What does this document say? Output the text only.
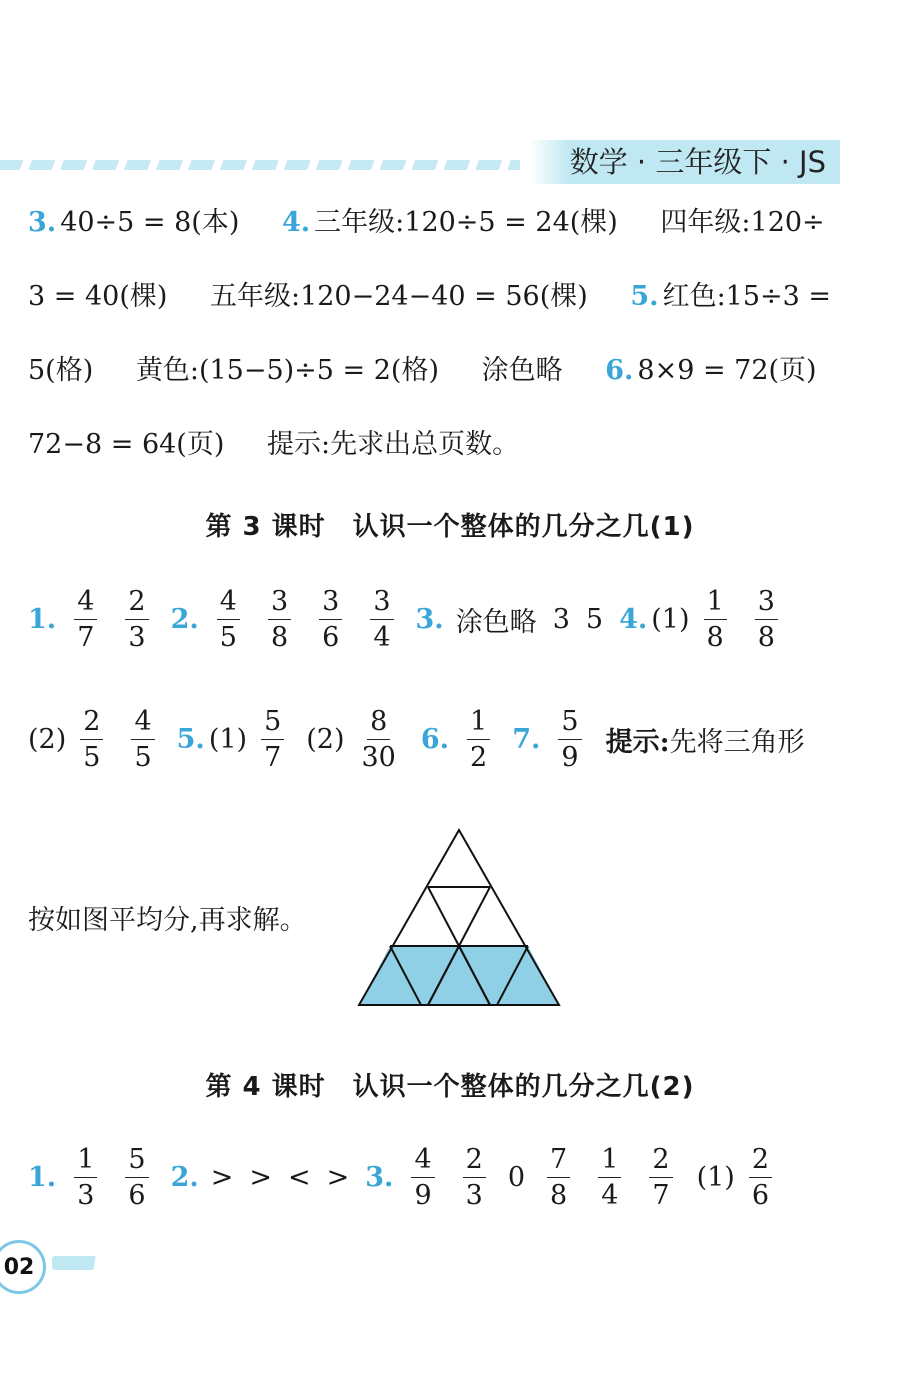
数学 · 三年级下 · JS
3. 40÷5 = 8(本) 4. 三年级:120÷5 = 24(棵) 四年级:120÷
3 = 40(棵) 五年级:120−24−40 = 56(棵) 5. 红色:15÷3 =
5(格) 黄色:(15−5)÷5 = 2(格) 涂色略 6. 8×9 = 72(页)
72−8 = 64(页) 提示:先求出总页数。
第 3 课时　认识一个整体的几分之几(1)
1. $\frac{4}{7} \frac{2}{3} 2$. $\frac{4}{5} \frac{3}{8} \frac{3}{6} \frac{3}{4} 3$. 涂色略 3 5 4. $(1) \frac{1}{8} \frac{3}{8}$
$(2) \frac{2}{5} \frac{4}{5} 5$. $(1) \frac{5}{7} (2) \frac{8}{30} 6$. $\frac{1}{2} 7$. $\frac{5}{9}$ 提示: 先将三角形
按如图平均分,再求解。
第 4 课时　认识一个整体的几分之几(2)
1. $\frac{1}{3} \frac{5}{6} 2$. > > < > 3. $\frac{4}{9} \frac{2}{3} 0 \frac{7}{8} \frac{1}{4} \frac{2}{7} (1) \frac{2}{6}$
02
